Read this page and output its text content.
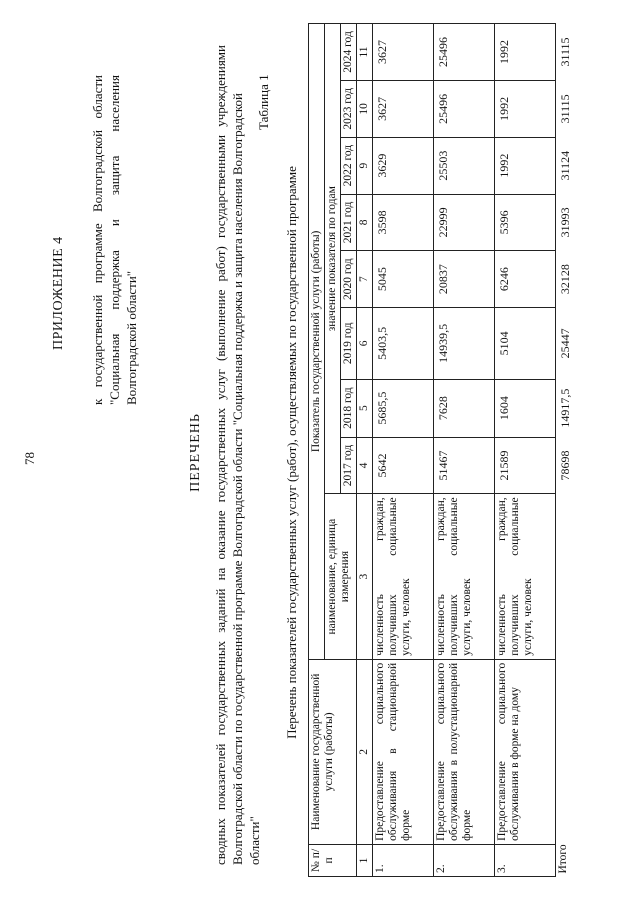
78
ПРИЛОЖЕНИЕ 4 к государственной программе Волгоградской области "Социальная поддержка и защита населения Волгоградской области"
ПЕРЕЧЕНЬ сводных показателей государственных заданий на оказание государственных услуг (выполнение работ) государственными учреждениями Волгоградской области по государственной программе Волгоградской области "Социальная поддержка и защита населения Волгоградской области"
Таблица 1
Перечень показателей государственных услуг (работ), осуществляемых по государственной программе
№ п/п	Наименование государственной услуги (работы)	Показатель государственной услуги (работы)								
		наименование, единица измерения	значение показателя по годам							
			2017 год	2018 год	2019 год	2020 год	2021 год	2022 год	2023 год	2024 год
1	2	3	4	5	6	7	8	9	10	11
1.	Предоставление социального обслуживания в стационарной форме	численность граждан, получивших социальные услуги, человек	5642	5685,5	5403,5	5045	3598	3629	3627	3627
2.	Предоставление социального обслуживания в полустационарной форме	численность граждан, получивших социальные услуги, человек	51467	7628	14939,5	20837	22999	25503	25496	25496
3.	Предоставление социального обслуживания в форме на дому	численность граждан, получивших социальные услуги, человек	21589	1604	5104	6246	5396	1992	1992	1992
Итого			78698	14917,5	25447	32128	31993	31124	31115	31115
